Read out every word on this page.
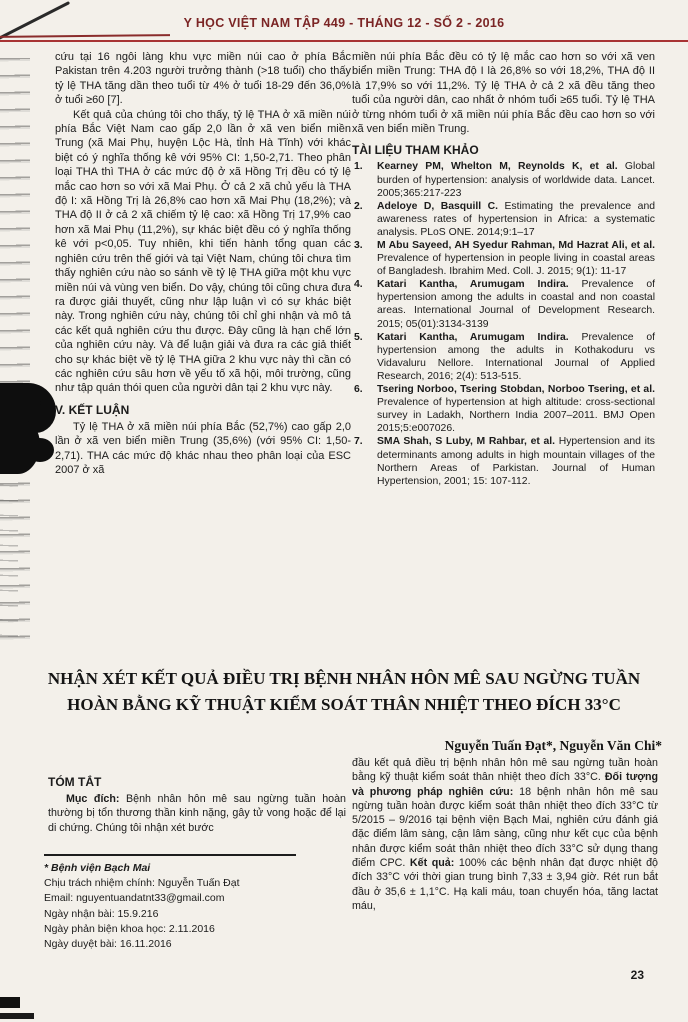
Y HỌC VIỆT NAM TẬP 449 - THÁNG 12 - SỐ 2 - 2016

cứu tại 16 ngôi làng khu vực miền núi cao ở phía Bắc Pakistan trên 4.203 người trưởng thành (>18 tuổi) cho thấy tỷ lệ THA tăng dần theo tuổi từ 4% ở tuổi 18-29 đến 36,0% ở tuổi ≥60 [7].

Kết quả của chúng tôi cho thấy, tỷ lệ THA ở xã miền núi phía Bắc Việt Nam cao gấp 2,0 lần ở xã ven biển miền Trung (xã Mai Phụ, huyện Lộc Hà, tỉnh Hà Tĩnh) với khác biệt có ý nghĩa thống kê với 95% CI: 1,50-2,71. Theo phân loại THA thì THA ở các mức độ ở xã Hồng Trị đều có tỷ lệ mắc cao hơn so với xã Mai Phụ. Ở cả 2 xã chủ yếu là THA độ I: xã Hồng Trị là 26,8% cao hơn xã Mai Phụ (18,2%); và THA độ II ở cả 2 xã chiếm tỷ lệ cao: xã Hồng Trị 17,9% cao hơn xã Mai Phụ (11,2%), sự khác biệt đều có ý nghĩa thống kê với p<0,05. Tuy nhiên, khi tiến hành tổng quan các nghiên cứu trên thế giới và tại Việt Nam, chúng tôi chưa tìm thấy nghiên cứu nào so sánh về tỷ lệ THA giữa một khu vực miền núi và vùng ven biển. Do vậy, chúng tôi cũng chưa đưa ra được giải thuyết, cũng như lập luận vì có sự khác biệt này. Trong nghiên cứu này, chúng tôi chỉ ghi nhận và mô tả các kết quả nghiên cứu thu được. Đây cũng là hạn chế lớn của nghiên cứu này. Và để luận giải và đưa ra các giả thiết cho sự khác biệt về tỷ lệ THA giữa 2 khu vực này thì cần có các nghiên cứu sâu hơn về yếu tố xã hội, môi trường, cũng như tập quán thói quen của người dân tại 2 khu vực này.

V. KẾT LUẬN

Tỷ lệ THA ở xã miền núi phía Bắc (52,7%) cao gấp 2,0 lần ở xã ven biển miền Trung (35,6%) (với 95% CI: 1,50-2,71). THA các mức độ khác nhau theo phân loại của ESC 2007 ở xã

miền núi phía Bắc đều có tỷ lệ mắc cao hơn so với xã ven biển miền Trung: THA độ I là 26,8% so với 18,2%, THA độ II là 17,9% so với 11,2%. Tỷ lệ THA ở cả 2 xã đều tăng theo tuổi của người dân, cao nhất ở nhóm tuổi ≥65 tuổi. Tỷ lệ THA ở từng nhóm tuổi ở xã miền núi phía Bắc đều cao hơn so với xã ven biển miền Trung.

TÀI LIỆU THAM KHẢO
1. Kearney PM, Whelton M, Reynolds K, et al. Global burden of hypertension: analysis of worldwide data. Lancet. 2005;365:217-223
2. Adeloye D, Basquill C. Estimating the prevalence and awareness rates of hypertension in Africa: a systematic analysis. PLoS ONE. 2014;9:1–17
3. M Abu Sayeed, AH Syedur Rahman, Md Hazrat Ali, et al. Prevalence of hypertension in people living in coastal areas of Bangladesh. Ibrahim Med. Coll. J. 2015; 9(1): 11-17
4. Katari Kantha, Arumugam Indira. Prevalence of hypertension among the adults in coastal and non coastal areas. International Journal of Development Research. 2015; 05(01):3134-3139
5. Katari Kantha, Arumugam Indira. Prevalence of hypertension among the adults in Kothakoduru vs Vidavaluru Nellore. International Journal of Applied Research, 2016; 2(4): 513-515.
6. Tsering Norboo, Tsering Stobdan, Norboo Tsering, et al. Prevalence of hypertension at high altitude: cross-sectional survey in Ladakh, Northern India 2007–2011. BMJ Open 2015;5:e007026.
7. SMA Shah, S Luby, M Rahbar, et al. Hypertension and its determinants among adults in high mountain villages of the Northern Areas of Parkistan. Journal of Human Hypertension, 2001; 15: 107-112.
NHẬN XÉT KẾT QUẢ ĐIỀU TRỊ BỆNH NHÂN HÔN MÊ SAU NGỪNG TUẦN HOÀN BẰNG KỸ THUẬT KIỂM SOÁT THÂN NHIỆT THEO ĐÍCH 33°C
Nguyễn Tuấn Đạt*, Nguyễn Văn Chi*
TÓM TẮT

Mục đích: Bệnh nhân hôn mê sau ngừng tuần hoàn thường bị tổn thương thần kinh nặng, gây tử vong hoặc để lại di chứng. Chúng tôi nhận xét bước

* Bệnh viện Bạch Mai
Chịu trách nhiệm chính: Nguyễn Tuấn Đạt
Email: nguyentuandatnt33@gmail.com
Ngày nhận bài: 15.9.216
Ngày phản biện khoa học: 2.11.2016
Ngày duyệt bài: 16.11.2016

đầu kết quả điều trị bệnh nhân hôn mê sau ngừng tuần hoàn bằng kỹ thuật kiểm soát thân nhiệt theo đích 33°C. Đối tượng và phương pháp nghiên cứu: 18 bệnh nhân hôn mê sau ngừng tuần hoàn được kiểm soát thân nhiệt theo đích 33°C từ 5/2015 – 9/2016 tại bệnh viện Bạch Mai, nghiên cứu đánh giá đặc điểm lâm sàng, cận lâm sàng, cũng như kết cục của bệnh nhân được kiểm soát thân nhiệt theo đích 33°C sử dụng thang điểm CPC. Kết quả: 100% các bệnh nhân đạt được nhiệt độ đích 33°C với thời gian trung bình 7,33 ± 3,94 giờ. Rét run bắt đầu ở 35,6 ± 1,1°C. Hạ kali máu, toan chuyển hóa, tăng lactat máu,

23
